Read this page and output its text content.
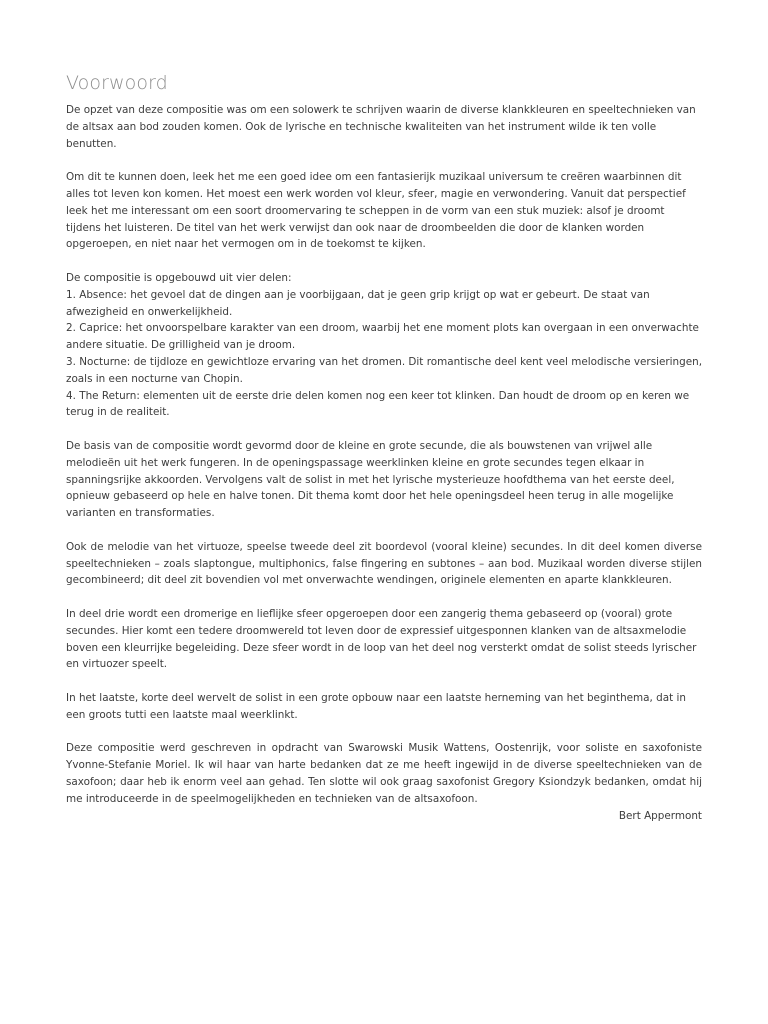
Voorwoord

De opzet van deze compositie was om een solowerk te schrijven waarin de diverse klankkleuren en speeltechnieken van de altsax aan bod zouden komen. Ook de lyrische en technische kwaliteiten van het instrument wilde ik ten volle benutten.

Om dit te kunnen doen, leek het me een goed idee om een fantasierijk muzikaal universum te creëren waarbinnen dit alles tot leven kon komen. Het moest een werk worden vol kleur, sfeer, magie en verwondering. Vanuit dat perspectief leek het me interessant om een soort droomervaring te scheppen in de vorm van een stuk muziek: alsof je droomt tijdens het luisteren. De titel van het werk verwijst dan ook naar de droombeelden die door de klanken worden opgeroepen, en niet naar het vermogen om in de toekomst te kijken.

De compositie is opgebouwd uit vier delen:
1. Absence: het gevoel dat de dingen aan je voorbijgaan, dat je geen grip krijgt op wat er gebeurt. De staat van afwezigheid en onwerkelijkheid.
2. Caprice: het onvoorspelbare karakter van een droom, waarbij het ene moment plots kan overgaan in een onverwachte andere situatie. De grilligheid van je droom.
3. Nocturne: de tijdloze en gewichtloze ervaring van het dromen. Dit romantische deel kent veel melodische versieringen, zoals in een nocturne van Chopin.
4. The Return: elementen uit de eerste drie delen komen nog een keer tot klinken. Dan houdt de droom op en keren we terug in de realiteit.

De basis van de compositie wordt gevormd door de kleine en grote secunde, die als bouwstenen van vrijwel alle melodieën uit het werk fungeren. In de openingspassage weerklinken kleine en grote secundes tegen elkaar in spanningsrijke akkoorden. Vervolgens valt de solist in met het lyrische mysterieuze hoofdthema van het eerste deel, opnieuw gebaseerd op hele en halve tonen. Dit thema komt door het hele openingsdeel heen terug in alle mogelijke varianten en transformaties.

Ook de melodie van het virtuoze, speelse tweede deel zit boordevol (vooral kleine) secundes. In dit deel komen diverse speeltechnieken – zoals slaptongue, multiphonics, false fingering en subtones – aan bod. Muzikaal worden diverse stijlen gecombineerd; dit deel zit bovendien vol met onverwachte wendingen, originele elementen en aparte klankkleuren.

In deel drie wordt een dromerige en lieflijke sfeer opgeroepen door een zangerig thema gebaseerd op (vooral) grote secundes. Hier komt een tedere droomwereld tot leven door de expressief uitgesponnen klanken van de altsaxmelodie boven een kleurrijke begeleiding. Deze sfeer wordt in de loop van het deel nog versterkt omdat de solist steeds lyrischer en virtuozer speelt.

In het laatste, korte deel wervelt de solist in een grote opbouw naar een laatste herneming van het beginthema, dat in een groots tutti een laatste maal weerklinkt.

Deze compositie werd geschreven in opdracht van Swarowski Musik Wattens, Oostenrijk, voor soliste en saxofoniste Yvonne-Stefanie Moriel. Ik wil haar van harte bedanken dat ze me heeft ingewijd in de diverse speeltechnieken van de saxofoon; daar heb ik enorm veel aan gehad. Ten slotte wil ook graag saxofonist Gregory Ksiondzyk bedanken, omdat hij me introduceerde in de speelmogelijkheden en technieken van de altsaxofoon.

Bert Appermont
